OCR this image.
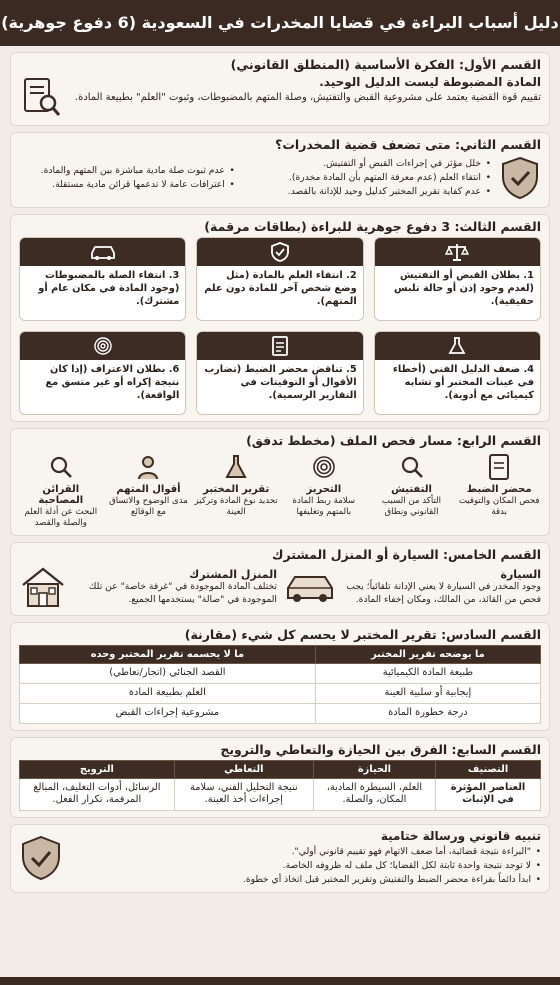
دليل أسباب البراءة في قضايا المخدرات في السعودية (6 دفوع جوهرية)
القسم الأول: الفكرة الأساسية (المنطلق القانوني)
المادة المضبوطة ليست الدليل الوحيد.
تقييم قوة القضية يعتمد على مشروعية القبض والتفتيش، وصلة المتهم بالمضبوطات، وثبوت "العلم" بطبيعة المادة.
القسم الثاني: متى تضعف قضية المخدرات؟
• خلل مؤثر في إجراءات القبض أو التفتيش.
• انتفاء العلم (عدم معرفة المتهم بأن المادة مخدرة).
• عدم كفاية تقرير المختبر كدليل وحيد للإدانة بالقصد.
• عدم ثبوت صلة مادية مباشرة بين المتهم والمادة.
• اعترافات عامة لا تدعمها قرائن مادية مستقلة.
القسم الثالث: 3 دفوع جوهرية للبراءة (بطاقات مرقمة)
1. بطلان القبض أو التفتيش (لعدم وجود إذن أو حالة تلبس حقيقية).
2. انتفاء العلم بالمادة (مثل وضع شخص آخر للمادة دون علم المتهم).
3. انتفاء الصلة بالمضبوطات (وجود المادة في مكان عام أو مشترك).
4. ضعف الدليل الفني (أخطاء في عينات المختبر أو تشابه كيميائي مع أدوية).
5. تناقض محضر الضبط (تضارب الأقوال أو التوقيتات في التقارير الرسمية).
6. بطلان الاعتراف (إذا كان نتيجة إكراه أو غير متسق مع الواقعة).
القسم الرابع: مسار فحص الملف (مخطط تدفق)
محضر الضبط
فحص المكان والتوقيت بدقة
التفتيش
التأكد من السبب القانوني ونطاق
التحريز
سلامة ربط المادة بالمتهم وتغليفها
تقرير المختبر
تحديد نوع المادة وتركيز العينة
أقوال المتهم
مدى الوضوح والاتساق مع الوقائع
القرائن المصاحبة
البحث عن أدلة العلم والصلة والقصد
القسم الخامس: السيارة أو المنزل المشترك
السيارة
وجود المخدر في السيارة لا يعني الإدانة تلقائياً؛ يجب فحص من القائد، من المالك، ومكان إخفاء المادة.
المنزل المشترك
تختلف المادة الموجودة في "غرفة خاصة" عن تلك الموجودة في "صالة" يستخدمها الجميع.
القسم السادس: تقرير المختبر لا يحسم كل شيء (مقارنة)
ما يوضحه تقرير المختبر	ما لا يحسمه تقرير المختبر وحده
طبيعة المادة الكيميائية	القصد الجنائي (اتجار/تعاطي)
إيجابية أو سلبية العينة	العلم بطبيعة المادة
درجة خطورة المادة	مشروعية إجراءات القبض
القسم السابع: الفرق بين الحيازة والتعاطي والترويج
التصنيف	الحيازة	التعاطي	الترويج
العناصر المؤثرة في الإثبات	العلم، السيطرة المادية، المكان، والصلة.	نتيجة التحليل الفني، سلامة إجراءات أخذ العينة.	الرسائل، أدوات التغليف، المبالغ المرقمة، تكرار الفعل.
تنبيه قانوني ورسالة ختامية
• "البراءة نتيجة قضائية، أما ضعف الاتهام فهو تقييم قانوني أولي".
• لا توجد نتيجة واحدة ثابتة لكل القضايا؛ كل ملف له ظروفه الخاصة.
• ابدأ دائماً بقراءة محضر الضبط والتفتيش وتقرير المختبر قبل اتخاذ أي خطوة.
